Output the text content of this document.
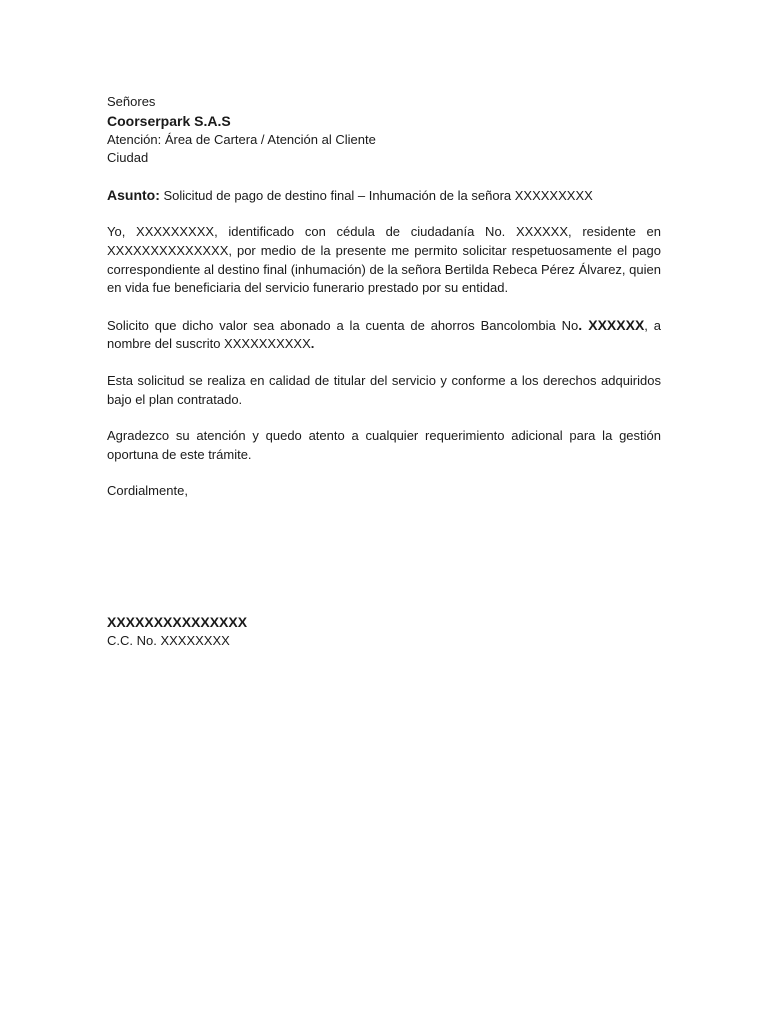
Señores
Coorserpark S.A.S
Atención: Área de Cartera / Atención al Cliente
Ciudad
Asunto: Solicitud de pago de destino final – Inhumación de la señora XXXXXXXXX

Yo, XXXXXXXXX, identificado con cédula de ciudadanía No. XXXXXX, residente en XXXXXXXXXXXXXX, por medio de la presente me permito solicitar respetuosamente el pago correspondiente al destino final (inhumación) de la señora Bertilda Rebeca Pérez Álvarez, quien en vida fue beneficiaria del servicio funerario prestado por su entidad.

Solicito que dicho valor sea abonado a la cuenta de ahorros Bancolombia No. XXXXXX, a nombre del suscrito XXXXXXXXXX.

Esta solicitud se realiza en calidad de titular del servicio y conforme a los derechos adquiridos bajo el plan contratado.

Agradezco su atención y quedo atento a cualquier requerimiento adicional para la gestión oportuna de este trámite.

Cordialmente,
XXXXXXXXXXXXXXX
C.C. No. XXXXXXXX
